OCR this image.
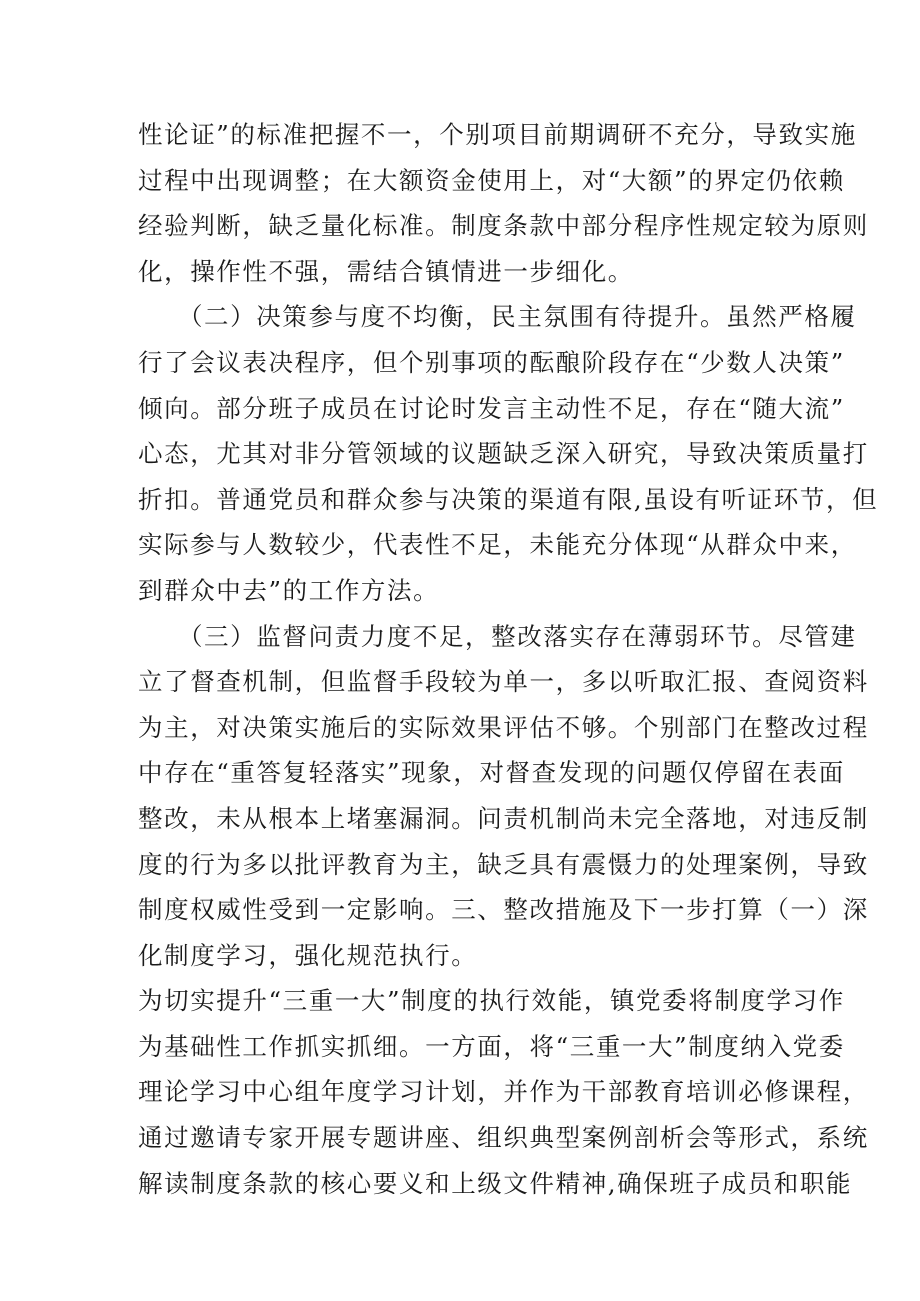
性论证”的标准把握不一，个别项目前期调研不充分，导致实施
过程中出现调整；在大额资金使用上，对“大额”的界定仍依赖
经验判断，缺乏量化标准。制度条款中部分程序性规定较为原则
化，操作性不强，需结合镇情进一步细化。
　　（二）决策参与度不均衡，民主氛围有待提升。虽然严格履
行了会议表决程序，但个别事项的酝酿阶段存在“少数人决策”
倾向。部分班子成员在讨论时发言主动性不足，存在“随大流”
心态，尤其对非分管领域的议题缺乏深入研究，导致决策质量打
折扣。普通党员和群众参与决策的渠道有限,虽设有听证环节，但
实际参与人数较少，代表性不足，未能充分体现“从群众中来，
到群众中去”的工作方法。
　　（三）监督问责力度不足，整改落实存在薄弱环节。尽管建
立了督查机制，但监督手段较为单一，多以听取汇报、查阅资料
为主，对决策实施后的实际效果评估不够。个别部门在整改过程
中存在“重答复轻落实”现象，对督查发现的问题仅停留在表面
整改，未从根本上堵塞漏洞。问责机制尚未完全落地，对违反制
度的行为多以批评教育为主，缺乏具有震慑力的处理案例，导致
制度权威性受到一定影响。三、整改措施及下一步打算（一）深
化制度学习，强化规范执行。
为切实提升“三重一大”制度的执行效能，镇党委将制度学习作
为基础性工作抓实抓细。一方面，将“三重一大”制度纳入党委
理论学习中心组年度学习计划，并作为干部教育培训必修课程，
通过邀请专家开展专题讲座、组织典型案例剖析会等形式，系统
解读制度条款的核心要义和上级文件精神,确保班子成员和职能
